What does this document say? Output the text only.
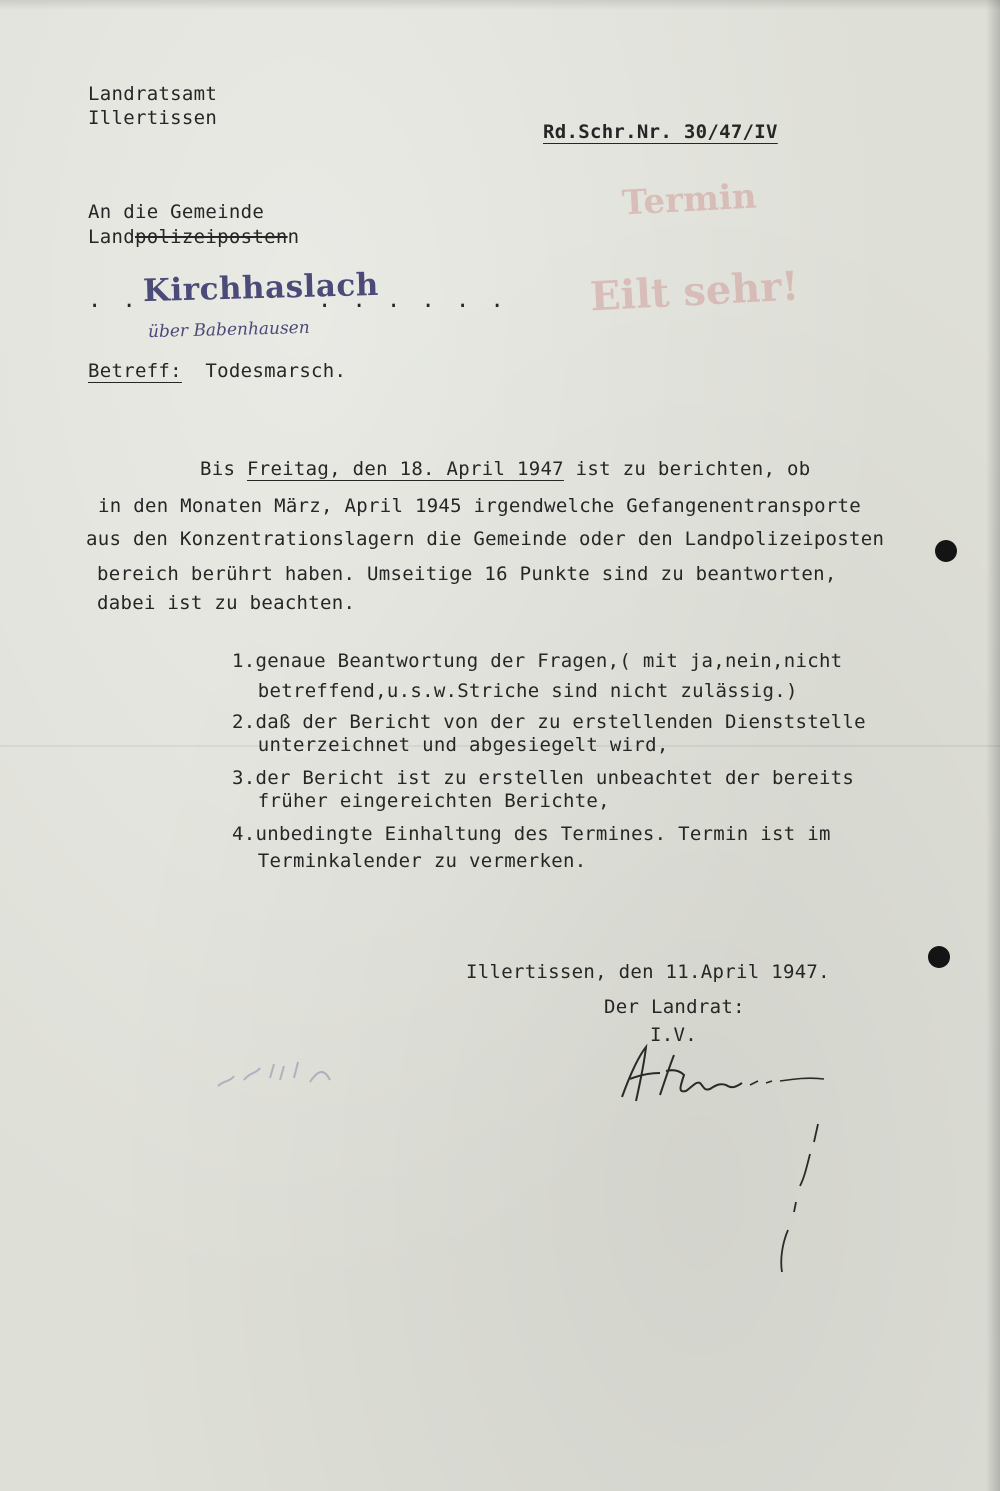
Termin
Eilt sehr!
Landratsamt
Illertissen
Rd.Schr.Nr. 30/47/IV
An die Gemeinde
Landpolizeipostenn
. . Kirchhaslach
. . . . . .
über Babenhausen
Betreff: Todesmarsch.
Bis Freitag, den 18. April 1947 ist zu berichten, ob
in den Monaten März, April 1945 irgendwelche Gefangenentransporte
aus den Konzentrationslagern die Gemeinde oder den Landpolizeiposten
bereich berührt haben. Umseitige 16 Punkte sind zu beantworten,
dabei ist zu beachten.
1.genaue Beantwortung der Fragen,( mit ja,nein,nicht
betreffend,u.s.w.Striche sind nicht zulässig.)
2.daß der Bericht von der zu erstellenden Dienststelle
unterzeichnet und abgesiegelt wird,
3.der Bericht ist zu erstellen unbeachtet der bereits
früher eingereichten Berichte,
4.unbedingte Einhaltung des Termines. Termin ist im
Terminkalender zu vermerken.
Illertissen, den 11.April 1947.
Der Landrat:
I.V.
